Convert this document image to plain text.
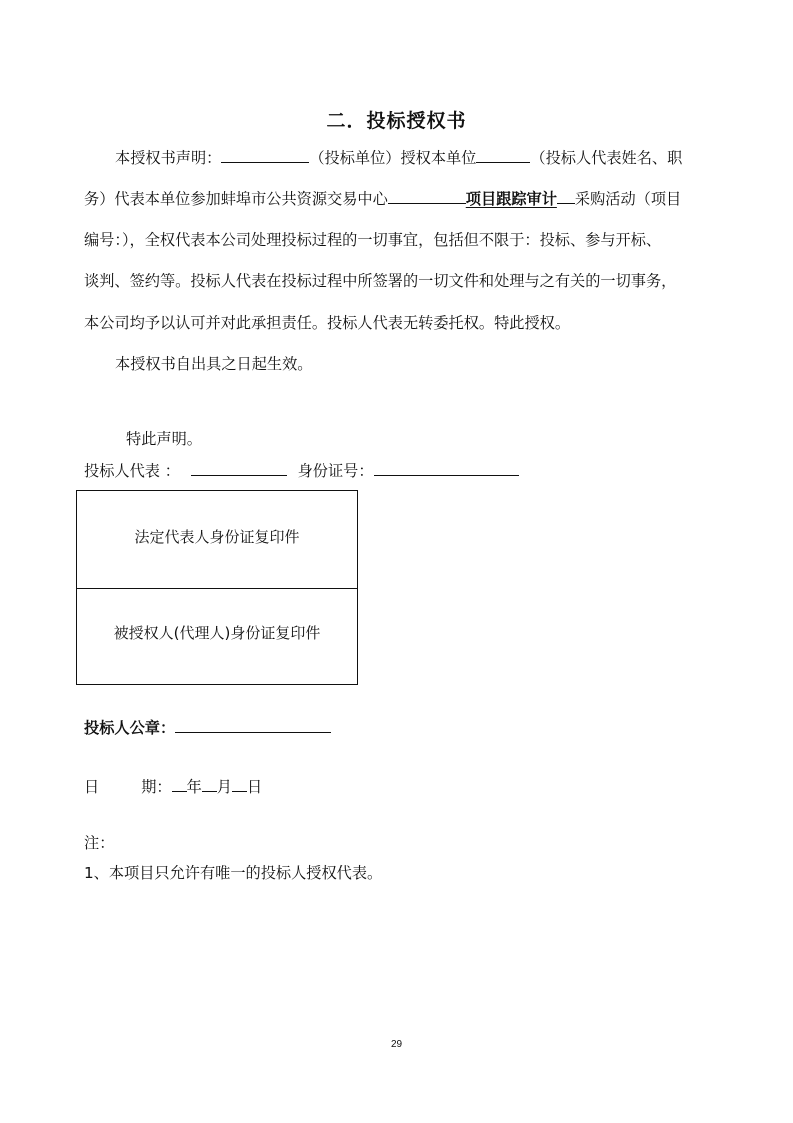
二．投标授权书
本授权书声明：	（投标单位）授权本单位	（投标人代表姓名、职
务）代表本单位参加蚌埠市公共资源交易中心	项目跟踪审计 采购活动（项目
编号：），全权代表本公司处理投标过程的一切事宜，包括但不限于：投标、参与开标、
谈判、签约等。投标人代表在投标过程中所签署的一切文件和处理与之有关的一切事务，
本公司均予以认可并对此承担责任。投标人代表无转委托权。特此授权。
本授权书自出具之日起生效。
特此声明。
投标人代表 ：	身份证号：
法定代表人身份证复印件
被授权人(代理人)身份证复印件
投标人公章：
日	期： 年 月 日
注：
1、本项目只允许有唯一的投标人授权代表。
29
